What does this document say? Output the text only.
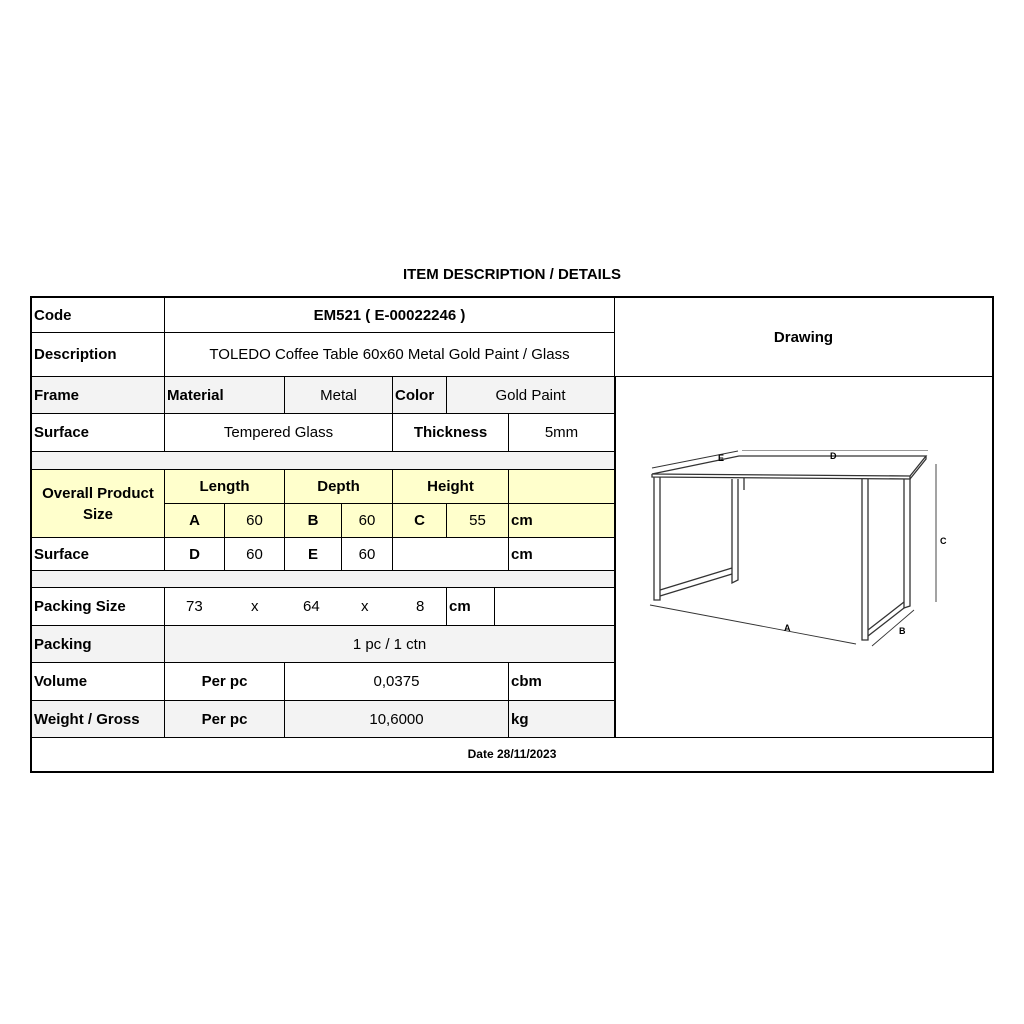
ITEM DESCRIPTION / DETAILS
Code	EM521 ( E-00022246 )
Drawing
Description	TOLEDO Coffee Table 60x60 Metal Gold Paint / Glass
Frame	Material	Metal	Color	Gold Paint
Surface	Tempered Glass	Thickness	5mm
Overall Product Size
Length	Depth	Height
A	60	B	60	C	55	cm
Surface	D	60	E	60	cm
Packing Size	73	x	64	x	8 cm
Packing	1 pc / 1 ctn
Volume	Per pc	0,0375	cbm
Weight / Gross	Per pc	10,6000	kg
Date 28/11/2023
A	B
C
D
E
